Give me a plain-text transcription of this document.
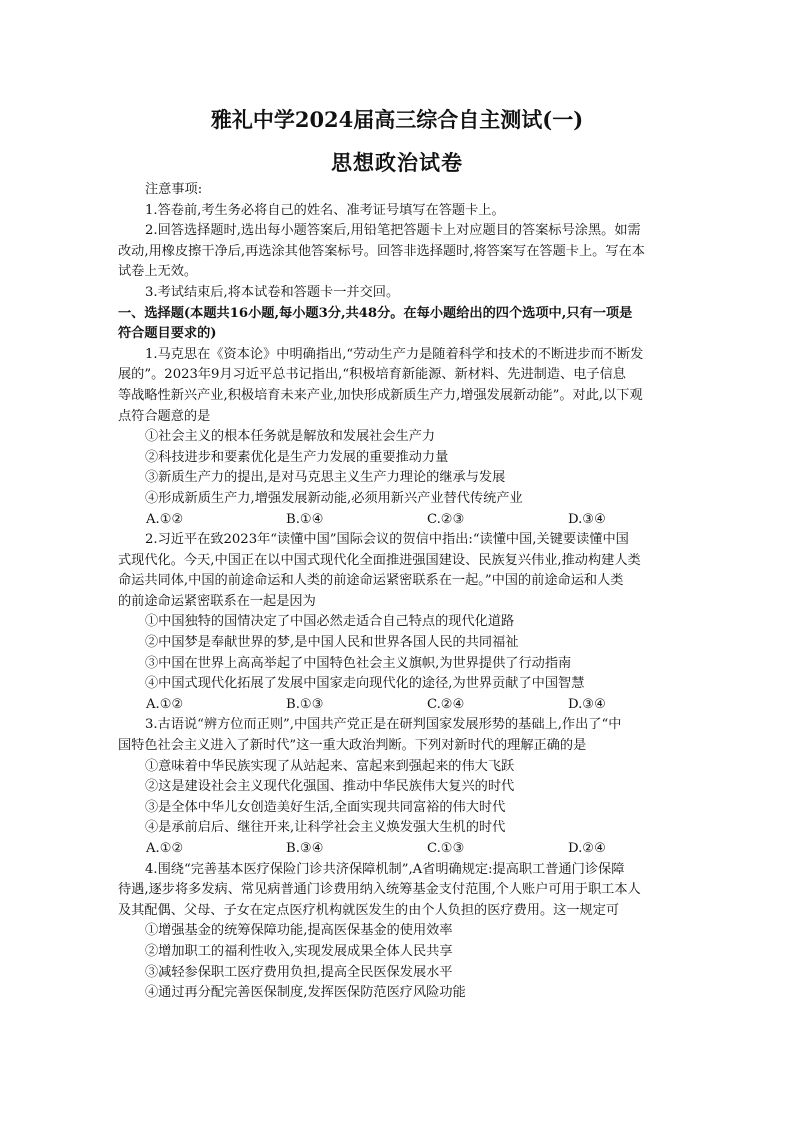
雅礼中学2024届高三综合自主测试(一)
思想政治试卷
注意事项:
1.答卷前,考生务必将自己的姓名、准考证号填写在答题卡上。
2.回答选择题时,选出每小题答案后,用铅笔把答题卡上对应题目的答案标号涂黑。如需
改动,用橡皮擦干净后,再选涂其他答案标号。回答非选择题时,将答案写在答题卡上。写在本
试卷上无效。
3.考试结束后,将本试卷和答题卡一并交回。
一、选择题(本题共16小题,每小题3分,共48分。在每小题给出的四个选项中,只有一项是
符合题目要求的)
1.马克思在《资本论》中明确指出,“劳动生产力是随着科学和技术的不断进步而不断发
展的”。2023年9月习近平总书记指出,“积极培育新能源、新材料、先进制造、电子信息
等战略性新兴产业,积极培育未来产业,加快形成新质生产力,增强发展新动能”。对此,以下观
点符合题意的是
①社会主义的根本任务就是解放和发展社会生产力
②科技进步和要素优化是生产力发展的重要推动力量
③新质生产力的提出,是对马克思主义生产力理论的继承与发展
④形成新质生产力,增强发展新动能,必须用新兴产业替代传统产业
A.①②	B.①④	C.②③	D.③④
2.习近平在致2023年“读懂中国”国际会议的贺信中指出:“读懂中国,关键要读懂中国
式现代化。今天,中国正在以中国式现代化全面推进强国建设、民族复兴伟业,推动构建人类
命运共同体,中国的前途命运和人类的前途命运紧密联系在一起。”中国的前途命运和人类
的前途命运紧密联系在一起是因为
①中国独特的国情决定了中国必然走适合自己特点的现代化道路
②中国梦是奉献世界的梦,是中国人民和世界各国人民的共同福祉
③中国在世界上高高举起了中国特色社会主义旗帜,为世界提供了行动指南
④中国式现代化拓展了发展中国家走向现代化的途径,为世界贡献了中国智慧
A.①②	B.①③	C.②④	D.③④
3.古语说“辨方位而正则”,中国共产党正是在研判国家发展形势的基础上,作出了“中
国特色社会主义进入了新时代”这一重大政治判断。下列对新时代的理解正确的是
①意味着中华民族实现了从站起来、富起来到强起来的伟大飞跃
②这是建设社会主义现代化强国、推动中华民族伟大复兴的时代
③是全体中华儿女创造美好生活,全面实现共同富裕的伟大时代
④是承前启后、继往开来,让科学社会主义焕发强大生机的时代
A.①②	B.③④	C.①③	D.②④
4.围绕“完善基本医疗保险门诊共济保障机制”,A省明确规定:提高职工普通门诊保障
待遇,逐步将多发病、常见病普通门诊费用纳入统筹基金支付范围,个人账户可用于职工本人
及其配偶、父母、子女在定点医疗机构就医发生的由个人负担的医疗费用。这一规定可
①增强基金的统筹保障功能,提高医保基金的使用效率
②增加职工的福利性收入,实现发展成果全体人民共享
③减轻参保职工医疗费用负担,提高全民医保发展水平
④通过再分配完善医保制度,发挥医保防范医疗风险功能
